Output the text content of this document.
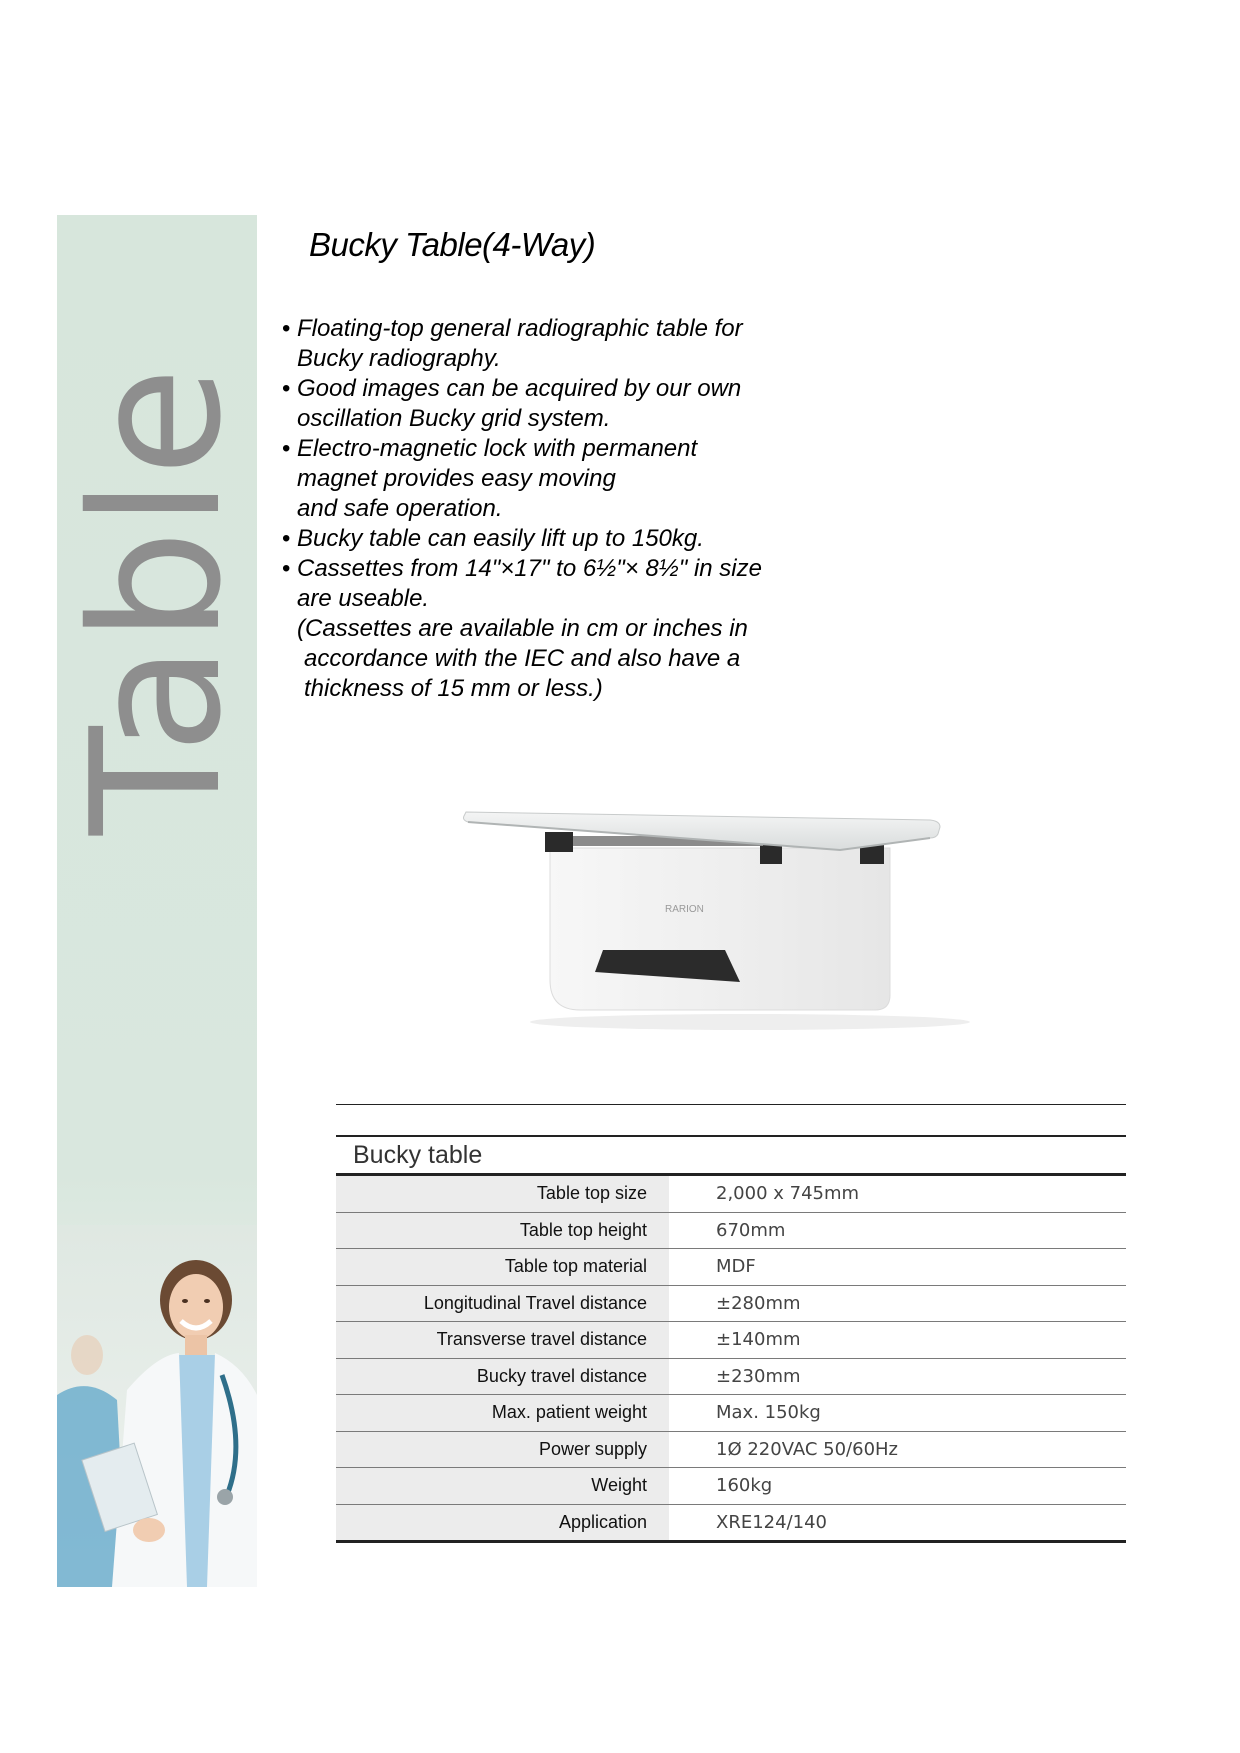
Table
Bucky Table(4-Way)
• Floating-top general radiographic table for
Bucky radiography.
• Good images can be acquired by our own
oscillation Bucky grid system.
• Electro-magnetic lock with permanent
magnet provides easy moving
and safe operation.
• Bucky table can easily lift up to 150kg.
• Cassettes from 14"×17" to 6½"× 8½" in size
are useable.
(Cassettes are available in cm or inches in
accordance with the IEC and also have a
thickness of 15 mm or less.)
RARION
Bucky table
Table top size	2,000 x 745mm
Table top height	670mm
Table top material	MDF
Longitudinal Travel distance	±280mm
Transverse travel distance	±140mm
Bucky travel distance	±230mm
Max. patient weight	Max. 150kg
Power supply	1Ø 220VAC 50/60Hz
Weight	160kg
Application	XRE124/140
